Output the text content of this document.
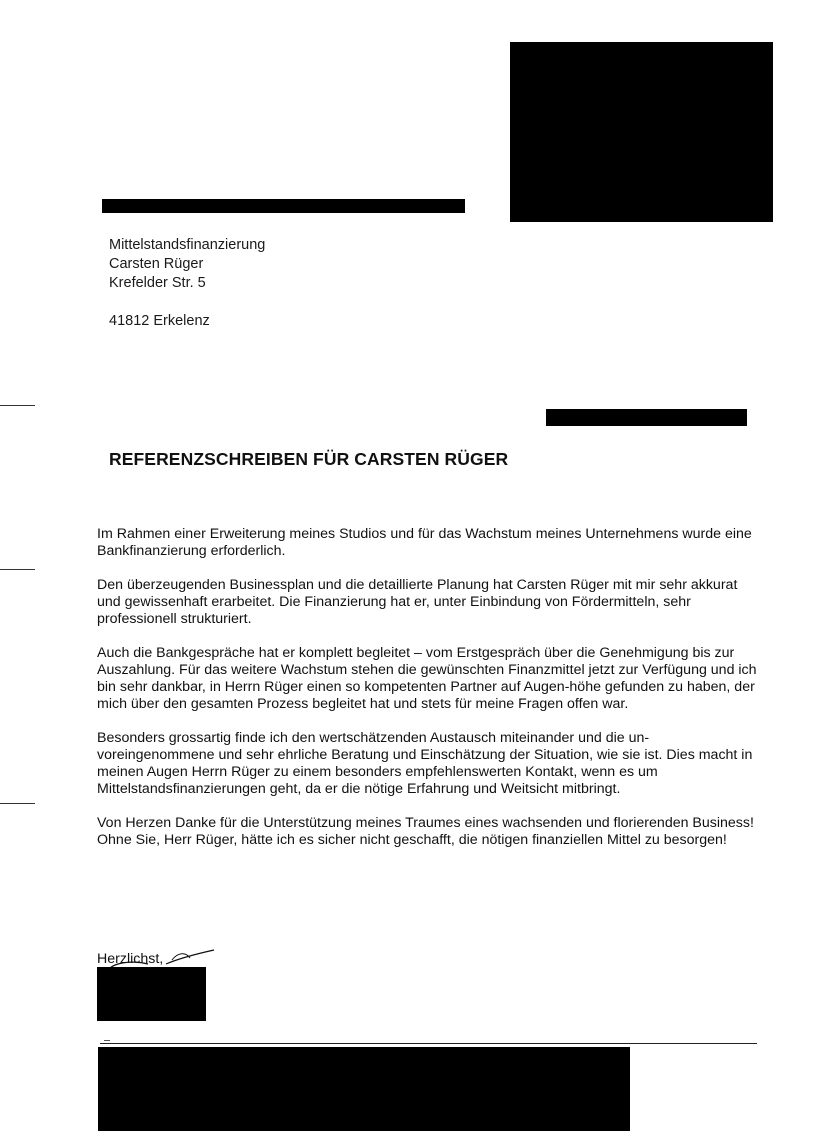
Mittelstandsfinanzierung
Carsten Rüger
Krefelder Str. 5
41812 Erkelenz
REFERENZSCHREIBEN FÜR CARSTEN RÜGER

Im Rahmen einer Erweiterung meines Studios und für das Wachstum meines Unternehmens wurde eine Bankfinanzierung erforderlich.

Den überzeugenden Businessplan und die detaillierte Planung hat Carsten Rüger mit mir sehr akkurat und gewissenhaft erarbeitet. Die Finanzierung hat er, unter Einbindung von Fördermitteln, sehr professionell strukturiert.

Auch die Bankgespräche hat er komplett begleitet – vom Erstgespräch über die Genehmigung bis zur Auszahlung. Für das weitere Wachstum stehen die gewünschten Finanzmittel jetzt zur Verfügung und ich bin sehr dankbar, in Herrn Rüger einen so kompetenten Partner auf Augen-höhe gefunden zu haben, der mich über den gesamten Prozess begleitet hat und stets für meine Fragen offen war.

Besonders grossartig finde ich den wertschätzenden Austausch miteinander und die un-voreingenommene und sehr ehrliche Beratung und Einschätzung der Situation, wie sie ist. Dies macht in meinen Augen Herrn Rüger zu einem besonders empfehlenswerten Kontakt, wenn es um Mittelstandsfinanzierungen geht, da er die nötige Erfahrung und Weitsicht mitbringt.

Von Herzen Danke für die Unterstützung meines Traumes eines wachsenden und florierenden Business! Ohne Sie, Herr Rüger, hätte ich es sicher nicht geschafft, die nötigen finanziellen Mittel zu besorgen!

Herzlichst,
